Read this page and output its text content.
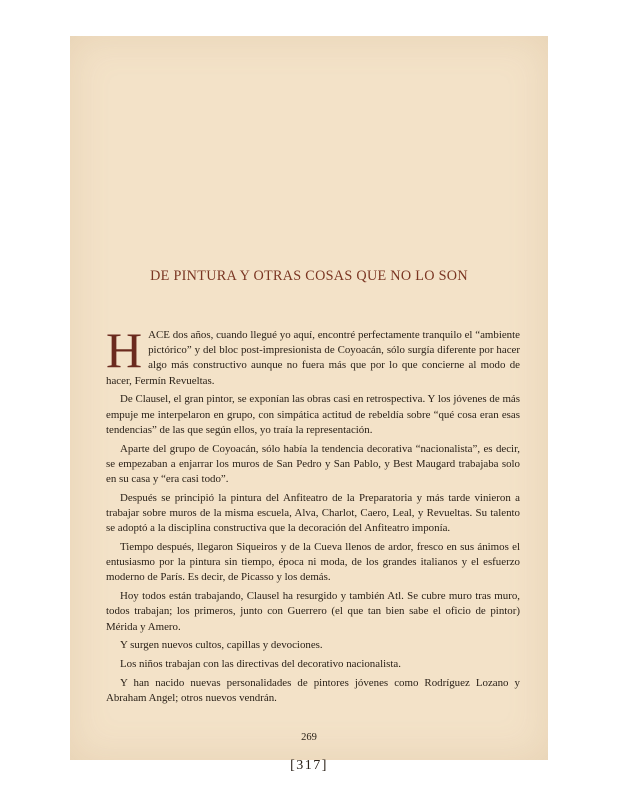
DE PINTURA Y OTRAS COSAS QUE NO LO SON

HACE dos años, cuando llegué yo aquí, encontré perfectamente tranquilo el “ambiente pictórico” y del bloc post-impresionista de Coyoacán, sólo surgía diferente por hacer algo más constructivo aunque no fuera más que por lo que concierne al modo de hacer, Fermín Revueltas.

De Clausel, el gran pintor, se exponían las obras casi en retrospectiva. Y los jóvenes de más empuje me interpelaron en grupo, con simpática actitud de rebeldía sobre “qué cosa eran esas tendencias” de las que según ellos, yo traía la representación.

Aparte del grupo de Coyoacán, sólo había la tendencia decorativa “nacionalista”, es decir, se empezaban a enjarrar los muros de San Pedro y San Pablo, y Best Maugard trabajaba solo en su casa y “era casi todo”.

Después se principió la pintura del Anfiteatro de la Preparatoria y más tarde vinieron a trabajar sobre muros de la misma escuela, Alva, Charlot, Caero, Leal, y Revueltas. Su talento se adoptó a la disciplina constructiva que la decoración del Anfiteatro imponía.

Tiempo después, llegaron Siqueiros y de la Cueva llenos de ardor, fresco en sus ánimos el entusiasmo por la pintura sin tiempo, época ni moda, de los grandes italianos y el esfuerzo moderno de París. Es decir, de Picasso y los demás.

Hoy todos están trabajando, Clausel ha resurgido y también Atl. Se cubre muro tras muro, todos trabajan; los primeros, junto con Guerrero (el que tan bien sabe el oficio de pintor) Mérida y Amero.

Y surgen nuevos cultos, capillas y devociones.

Los niños trabajan con las directivas del decorativo nacionalista.

Y han nacido nuevas personalidades de pintores jóvenes como Rodríguez Lozano y Abraham Angel; otros nuevos vendrán.

269
[317]
